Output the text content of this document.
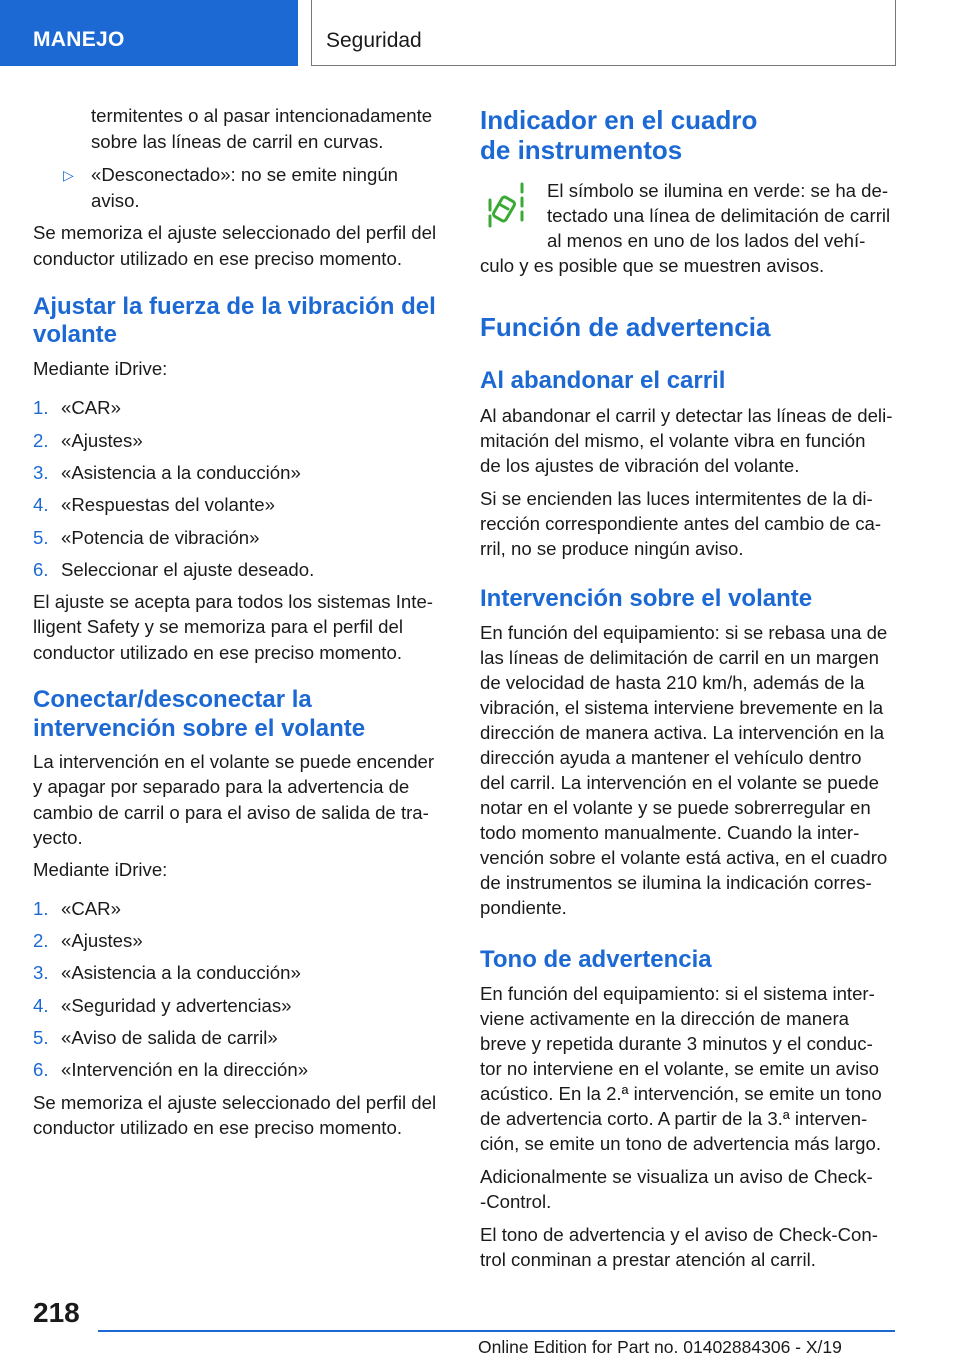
MANEJO	Seguridad

termitentes o al pasar intencionadamente

sobre las líneas de carril en curvas.

▷ «Desconectado»: no se emite ningún

aviso.

Se memoriza el ajuste seleccionado del perfil del

conductor utilizado en ese preciso momento.

Ajustar la fuerza de la vibración del
volante

Mediante iDrive:

1. «CAR»
2. «Ajustes»
3. «Asistencia a la conducción»
4. «Respuestas del volante»
5. «Potencia de vibración»
6. Seleccionar el ajuste deseado.

El ajuste se acepta para todos los sistemas Inte‐

lligent Safety y se memoriza para el perfil del

conductor utilizado en ese preciso momento.

Conectar/desconectar la
intervención sobre el volante

La intervención en el volante se puede encender

y apagar por separado para la advertencia de

cambio de carril o para el aviso de salida de tra‐

yecto.

Mediante iDrive:

1. «CAR»
2. «Ajustes»
3. «Asistencia a la conducción»
4. «Seguridad y advertencias»
5. «Aviso de salida de carril»
6. «Intervención en la dirección»

Se memoriza el ajuste seleccionado del perfil del

conductor utilizado en ese preciso momento.

Indicador en el cuadro
de instrumentos

El símbolo se ilumina en verde: se ha de‐

tectado una línea de delimitación de carril

al menos en uno de los lados del vehí‐

culo y es posible que se muestren avisos.

Función de advertencia
Al abandonar el carril

Al abandonar el carril y detectar las líneas de deli‐

mitación del mismo, el volante vibra en función

de los ajustes de vibración del volante.

Si se encienden las luces intermitentes de la di‐

rección correspondiente antes del cambio de ca‐

rril, no se produce ningún aviso.

Intervención sobre el volante

En función del equipamiento: si se rebasa una de

las líneas de delimitación de carril en un margen

de velocidad de hasta 210 km/h, además de la

vibración, el sistema interviene brevemente en la

dirección de manera activa. La intervención en la

dirección ayuda a mantener el vehículo dentro

del carril. La intervención en el volante se puede

notar en el volante y se puede sobrerregular en

todo momento manualmente. Cuando la inter‐

vención sobre el volante está activa, en el cuadro

de instrumentos se ilumina la indicación corres‐

pondiente.

Tono de advertencia

En función del equipamiento: si el sistema inter‐

viene activamente en la dirección de manera

breve y repetida durante 3 minutos y el conduc‐

tor no interviene en el volante, se emite un aviso

acústico. En la 2.ª intervención, se emite un tono

de advertencia corto. A partir de la 3.ª interven‐

ción, se emite un tono de advertencia más largo.

Adicionalmente se visualiza un aviso de Check‐

‐Control.

El tono de advertencia y el aviso de Check-Con‐

trol conminan a prestar atención al carril.

218
Online Edition for Part no. 01402884306 - X/19
